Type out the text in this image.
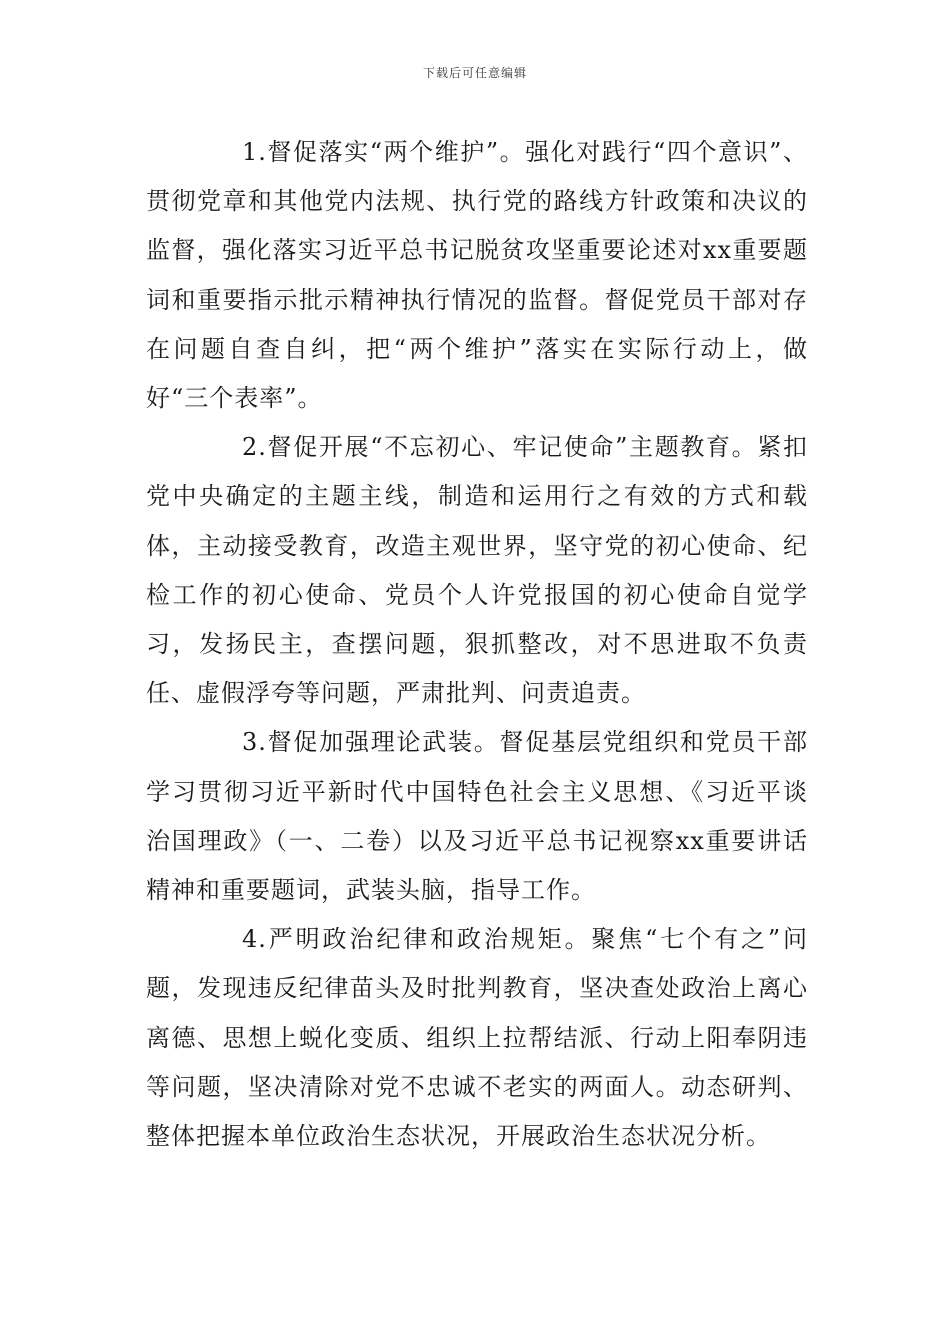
下载后可任意编辑

1.督促落实“两个维护”。强化对践行“四个意识”、贯彻党章和其他党内法规、执行党的路线方针政策和决议的监督，强化落实习近平总书记脱贫攻坚重要论述对xx重要题词和重要指示批示精神执行情况的监督。督促党员干部对存在问题自查自纠，把“两个维护”落实在实际行动上，做好“三个表率”。

2.督促开展“不忘初心、牢记使命”主题教育。紧扣党中央确定的主题主线，制造和运用行之有效的方式和载体，主动接受教育，改造主观世界，坚守党的初心使命、纪检工作的初心使命、党员个人许党报国的初心使命自觉学习，发扬民主，查摆问题，狠抓整改，对不思进取不负责任、虚假浮夸等问题，严肃批判、问责追责。

3.督促加强理论武装。督促基层党组织和党员干部学习贯彻习近平新时代中国特色社会主义思想、《习近平谈治国理政》（一、二卷）以及习近平总书记视察xx重要讲话精神和重要题词，武装头脑，指导工作。

4.严明政治纪律和政治规矩。聚焦“七个有之”问题，发现违反纪律苗头及时批判教育，坚决查处政治上离心离德、思想上蜕化变质、组织上拉帮结派、行动上阳奉阴违等问题，坚决清除对党不忠诚不老实的两面人。动态研判、整体把握本单位政治生态状况，开展政治生态状况分析。
